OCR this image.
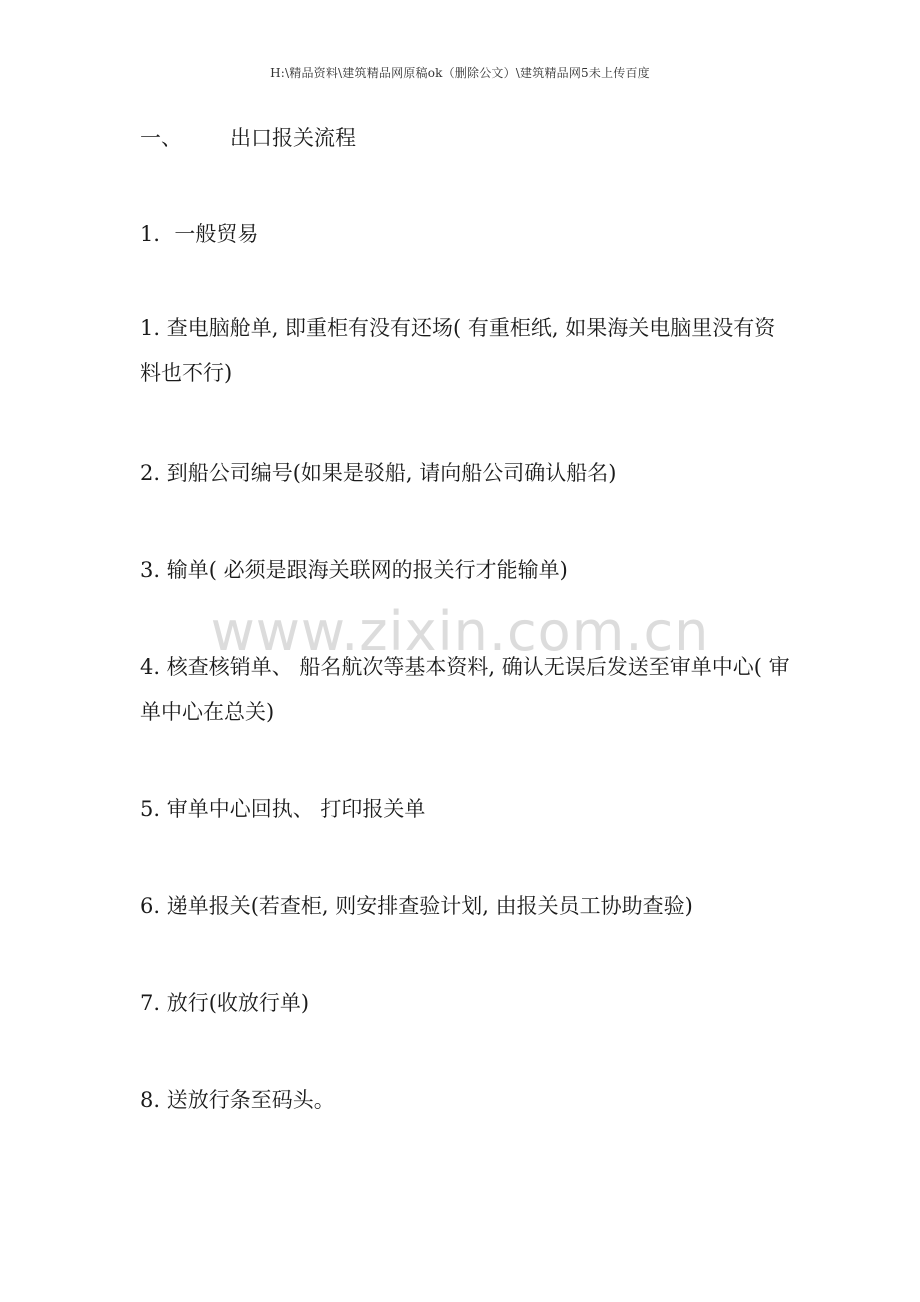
www.zixin.com.cn
H:\精品资料\建筑精品网原稿ok（删除公文）\建筑精品网5未上传百度
一、	出口报关流程
1．一般贸易
1. 查电脑舱单, 即重柜有没有还场( 有重柜纸, 如果海关电脑里没有资料也不行)
2. 到船公司编号(如果是驳船, 请向船公司确认船名)
3. 输单( 必须是跟海关联网的报关行才能输单)
4. 核查核销单、 船名航次等基本资料, 确认无误后发送至审单中心( 审单中心在总关)
5. 审单中心回执、 打印报关单
6. 递单报关(若查柜, 则安排查验计划, 由报关员工协助查验)
7. 放行(收放行单)
8. 送放行条至码头。
